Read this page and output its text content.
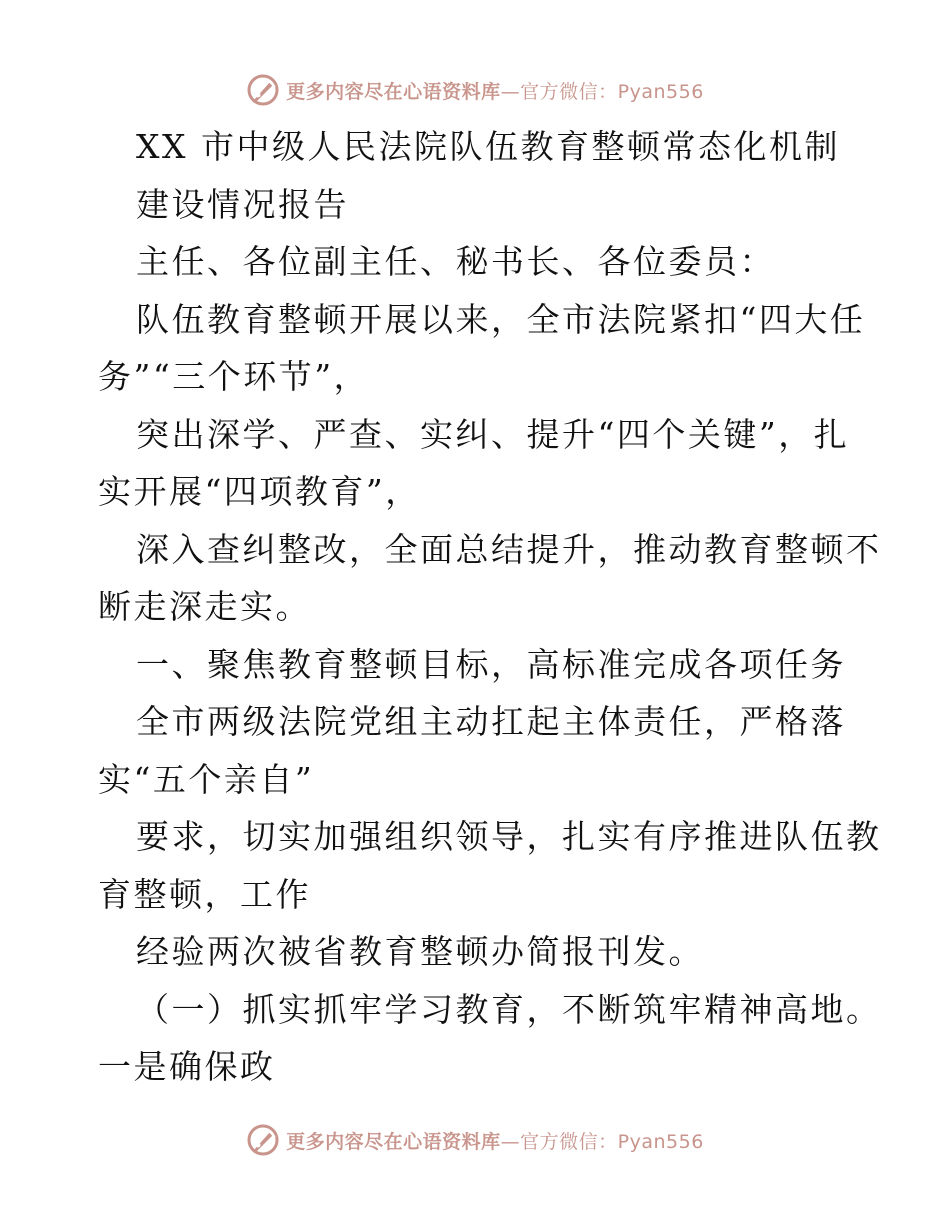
更多内容尽在心语资料库—官方微信：Pyan556
XX 市中级人民法院队伍教育整顿常态化机制
建设情况报告
主任、各位副主任、秘书长、各位委员：
队伍教育整顿开展以来，全市法院紧扣“四大任
务”“三个环节”，
突出深学、严查、实纠、提升“四个关键”，扎
实开展“四项教育”，
深入查纠整改，全面总结提升，推动教育整顿不
断走深走实。
一、聚焦教育整顿目标，高标准完成各项任务
全市两级法院党组主动扛起主体责任，严格落
实“五个亲自”
要求，切实加强组织领导，扎实有序推进队伍教
育整顿，工作
经验两次被省教育整顿办简报刊发。
（一）抓实抓牢学习教育，不断筑牢精神高地。
一是确保政
更多内容尽在心语资料库—官方微信：Pyan556
